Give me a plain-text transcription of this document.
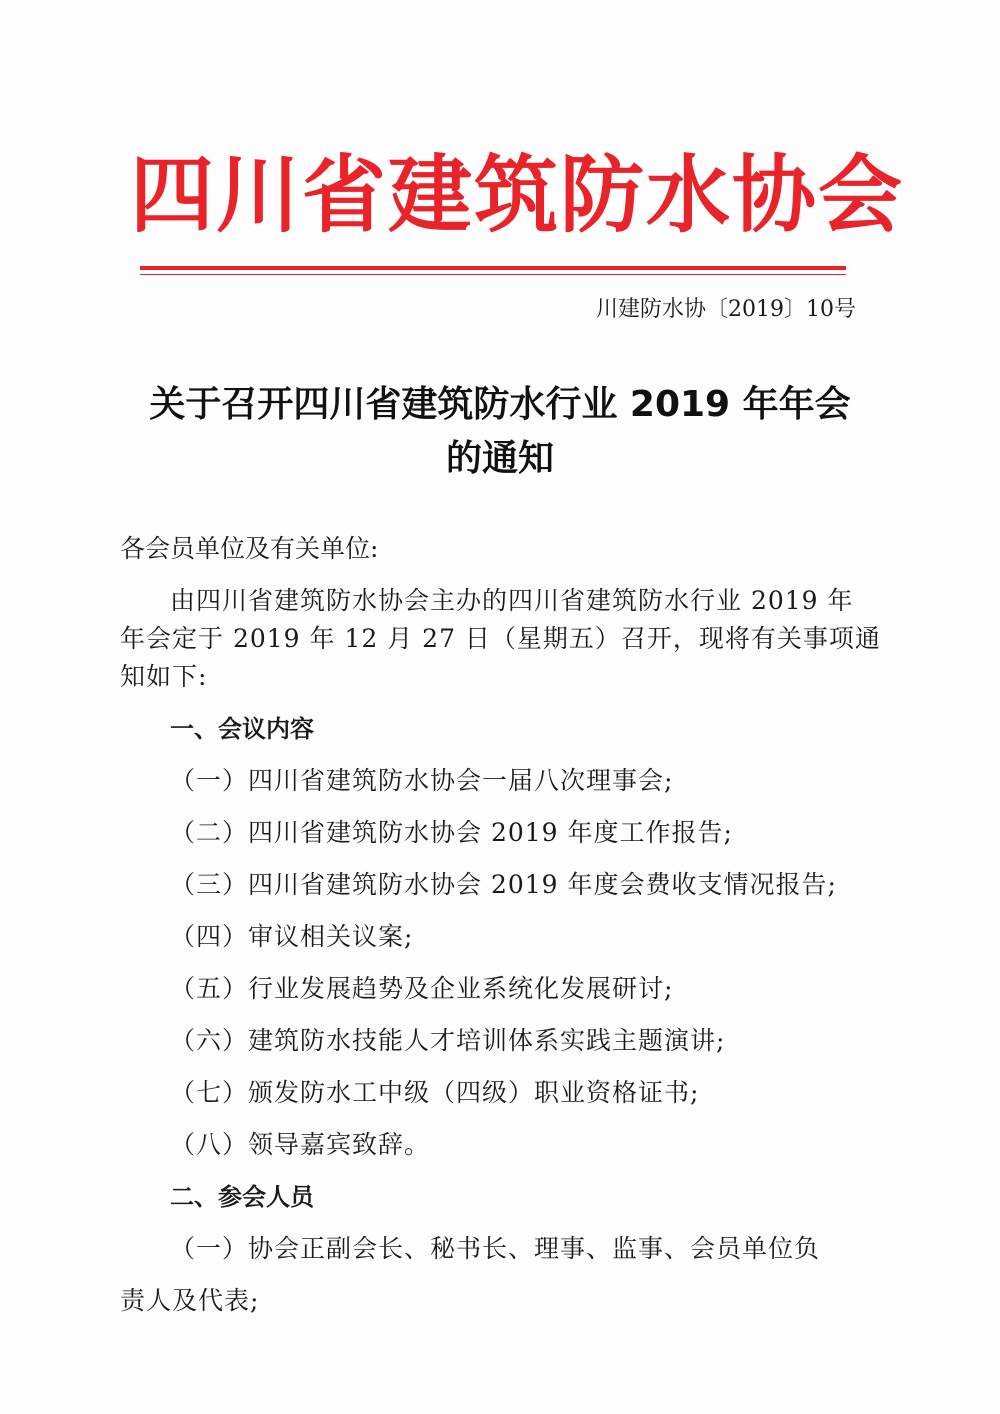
四川省建筑防水协会
川建防水协〔2019〕10号
关于召开四川省建筑防水行业 2019 年年会
的通知
各会员单位及有关单位:
由四川省建筑防水协会主办的四川省建筑防水行业 2019 年
年会定于 2019 年 12 月 27 日（星期五）召开，现将有关事项通
知如下:
一、会议内容
（一）四川省建筑防水协会一届八次理事会;
（二）四川省建筑防水协会 2019 年度工作报告;
（三）四川省建筑防水协会 2019 年度会费收支情况报告;
（四）审议相关议案;
（五）行业发展趋势及企业系统化发展研讨;
（六）建筑防水技能人才培训体系实践主题演讲;
（七）颁发防水工中级（四级）职业资格证书;
（八）领导嘉宾致辞。
二、参会人员
（一）协会正副会长、秘书长、理事、监事、会员单位负
责人及代表;
